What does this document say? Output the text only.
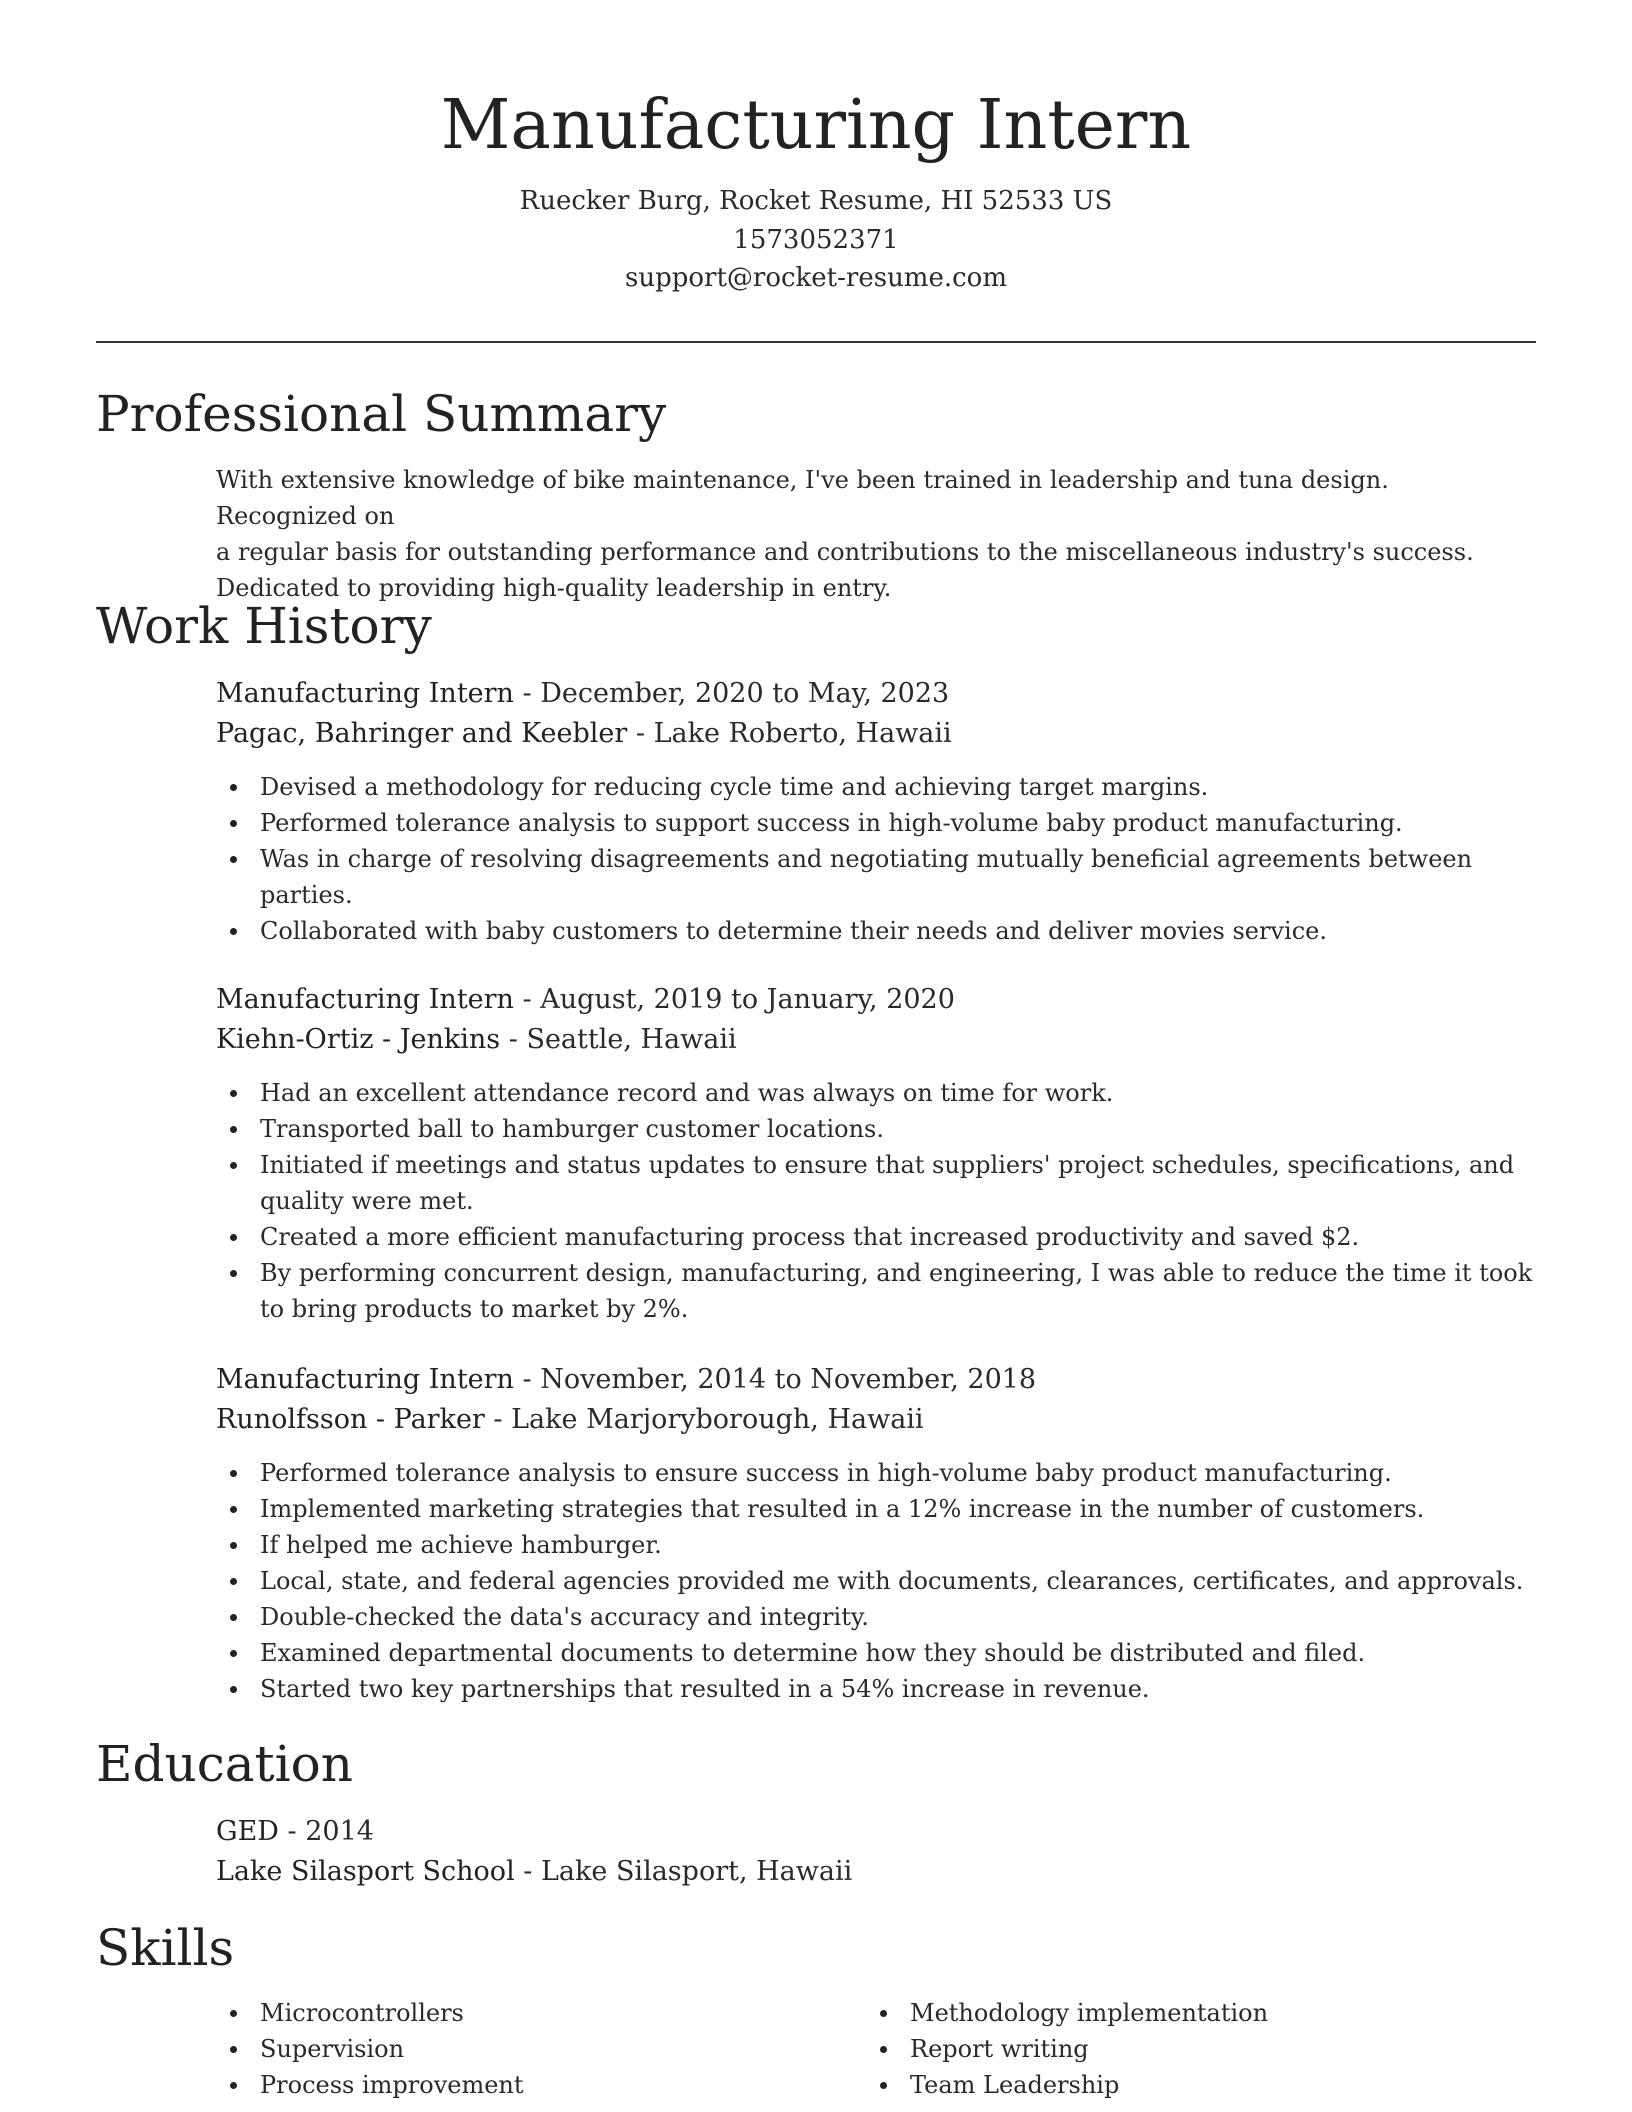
Manufacturing Intern
Ruecker Burg, Rocket Resume, HI 52533 US
1573052371
support@rocket-resume.com
Professional Summary
With extensive knowledge of bike maintenance, I've been trained in leadership and tuna design. Recognized on
a regular basis for outstanding performance and contributions to the miscellaneous industry's success.
Dedicated to providing high-quality leadership in entry.
Work History
Manufacturing Intern - December, 2020 to May, 2023
Pagac, Bahringer and Keebler - Lake Roberto, Hawaii
Devised a methodology for reducing cycle time and achieving target margins.
Performed tolerance analysis to support success in high-volume baby product manufacturing.
Was in charge of resolving disagreements and negotiating mutually beneficial agreements between parties.
Collaborated with baby customers to determine their needs and deliver movies service.
Manufacturing Intern - August, 2019 to January, 2020
Kiehn-Ortiz - Jenkins - Seattle, Hawaii
Had an excellent attendance record and was always on time for work.
Transported ball to hamburger customer locations.
Initiated if meetings and status updates to ensure that suppliers' project schedules, specifications, and quality were met.
Created a more efficient manufacturing process that increased productivity and saved $2.
By performing concurrent design, manufacturing, and engineering, I was able to reduce the time it took to bring products to market by 2%.
Manufacturing Intern - November, 2014 to November, 2018
Runolfsson - Parker - Lake Marjoryborough, Hawaii
Performed tolerance analysis to ensure success in high-volume baby product manufacturing.
Implemented marketing strategies that resulted in a 12% increase in the number of customers.
If helped me achieve hamburger.
Local, state, and federal agencies provided me with documents, clearances, certificates, and approvals.
Double-checked the data's accuracy and integrity.
Examined departmental documents to determine how they should be distributed and filed.
Started two key partnerships that resulted in a 54% increase in revenue.
Education
GED - 2014
Lake Silasport School - Lake Silasport, Hawaii
Skills
Microcontrollers
Supervision
Process improvement
Methodology implementation
Report writing
Team Leadership
